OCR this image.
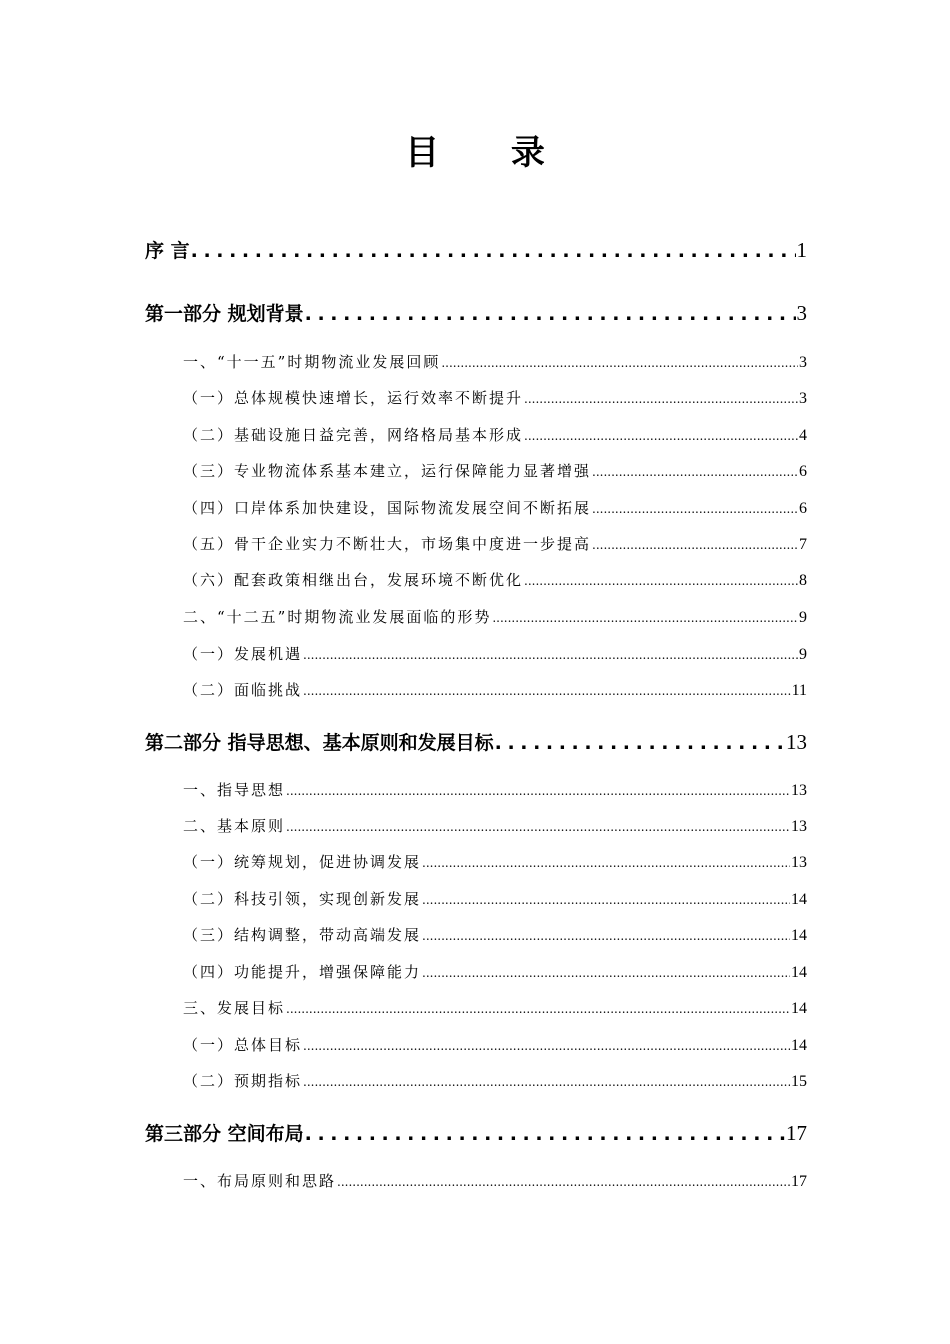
目 录
序 言 .....	1
第一部分 规划背景 .....	3
一、“十一五”时期物流业发展回顾 .....	3
（一）总体规模快速增长，运行效率不断提升 .....	3
（二）基础设施日益完善，网络格局基本形成 .....	4
（三）专业物流体系基本建立，运行保障能力显著增强 .....	6
（四）口岸体系加快建设，国际物流发展空间不断拓展 .....	6
（五）骨干企业实力不断壮大，市场集中度进一步提高 .....	7
（六）配套政策相继出台，发展环境不断优化 .....	8
二、“十二五”时期物流业发展面临的形势 .....	9
（一）发展机遇 .....	9
（二）面临挑战 .....	11
第二部分 指导思想、基本原则和发展目标 .....	13
一、指导思想 .....	13
二、基本原则 .....	13
（一）统筹规划，促进协调发展 .....	13
（二）科技引领，实现创新发展 .....	14
（三）结构调整，带动高端发展 .....	14
（四）功能提升，增强保障能力 .....	14
三、发展目标 .....	14
（一）总体目标 .....	14
（二）预期指标 .....	15
第三部分 空间布局 .....	17
一、布局原则和思路 .....	17
